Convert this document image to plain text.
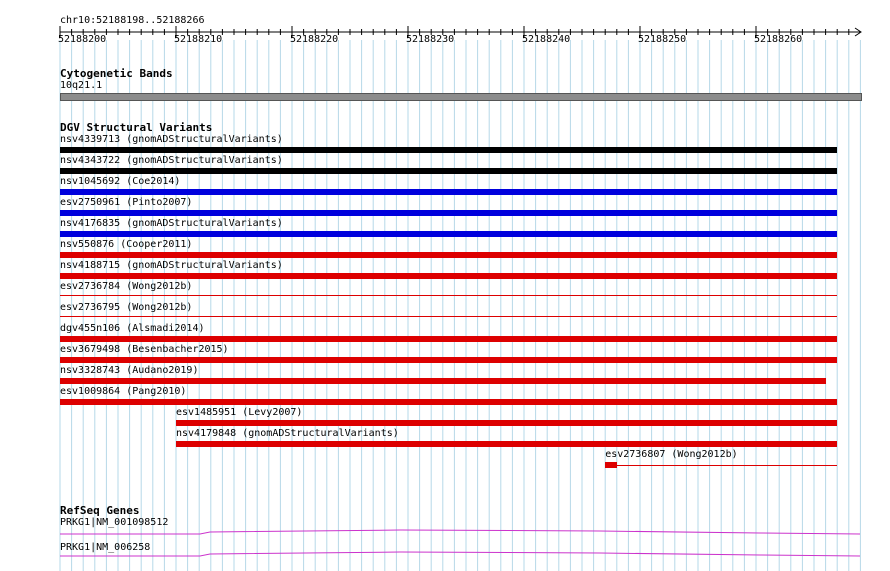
chr10:52188198..52188266
52188200	52188210	52188220	52188230	52188240	52188250	52188260
Cytogenetic Bands
10q21.1
DGV Structural Variants
nsv4339713 (gnomADStructuralVariants)
nsv4343722 (gnomADStructuralVariants)
nsv1045692 (Coe2014)
esv2750961 (Pinto2007)
nsv4176835 (gnomADStructuralVariants)
nsv550876 (Cooper2011)
nsv4188715 (gnomADStructuralVariants)
esv2736784 (Wong2012b)
esv2736795 (Wong2012b)
dgv455n106 (Alsmadi2014)
esv3679498 (Besenbacher2015)
nsv3328743 (Audano2019)
esv1009864 (Pang2010)
esv1485951 (Levy2007)
nsv4179848 (gnomADStructuralVariants)
esv2736807 (Wong2012b)
RefSeq Genes
PRKG1|NM_001098512
PRKG1|NM_006258
